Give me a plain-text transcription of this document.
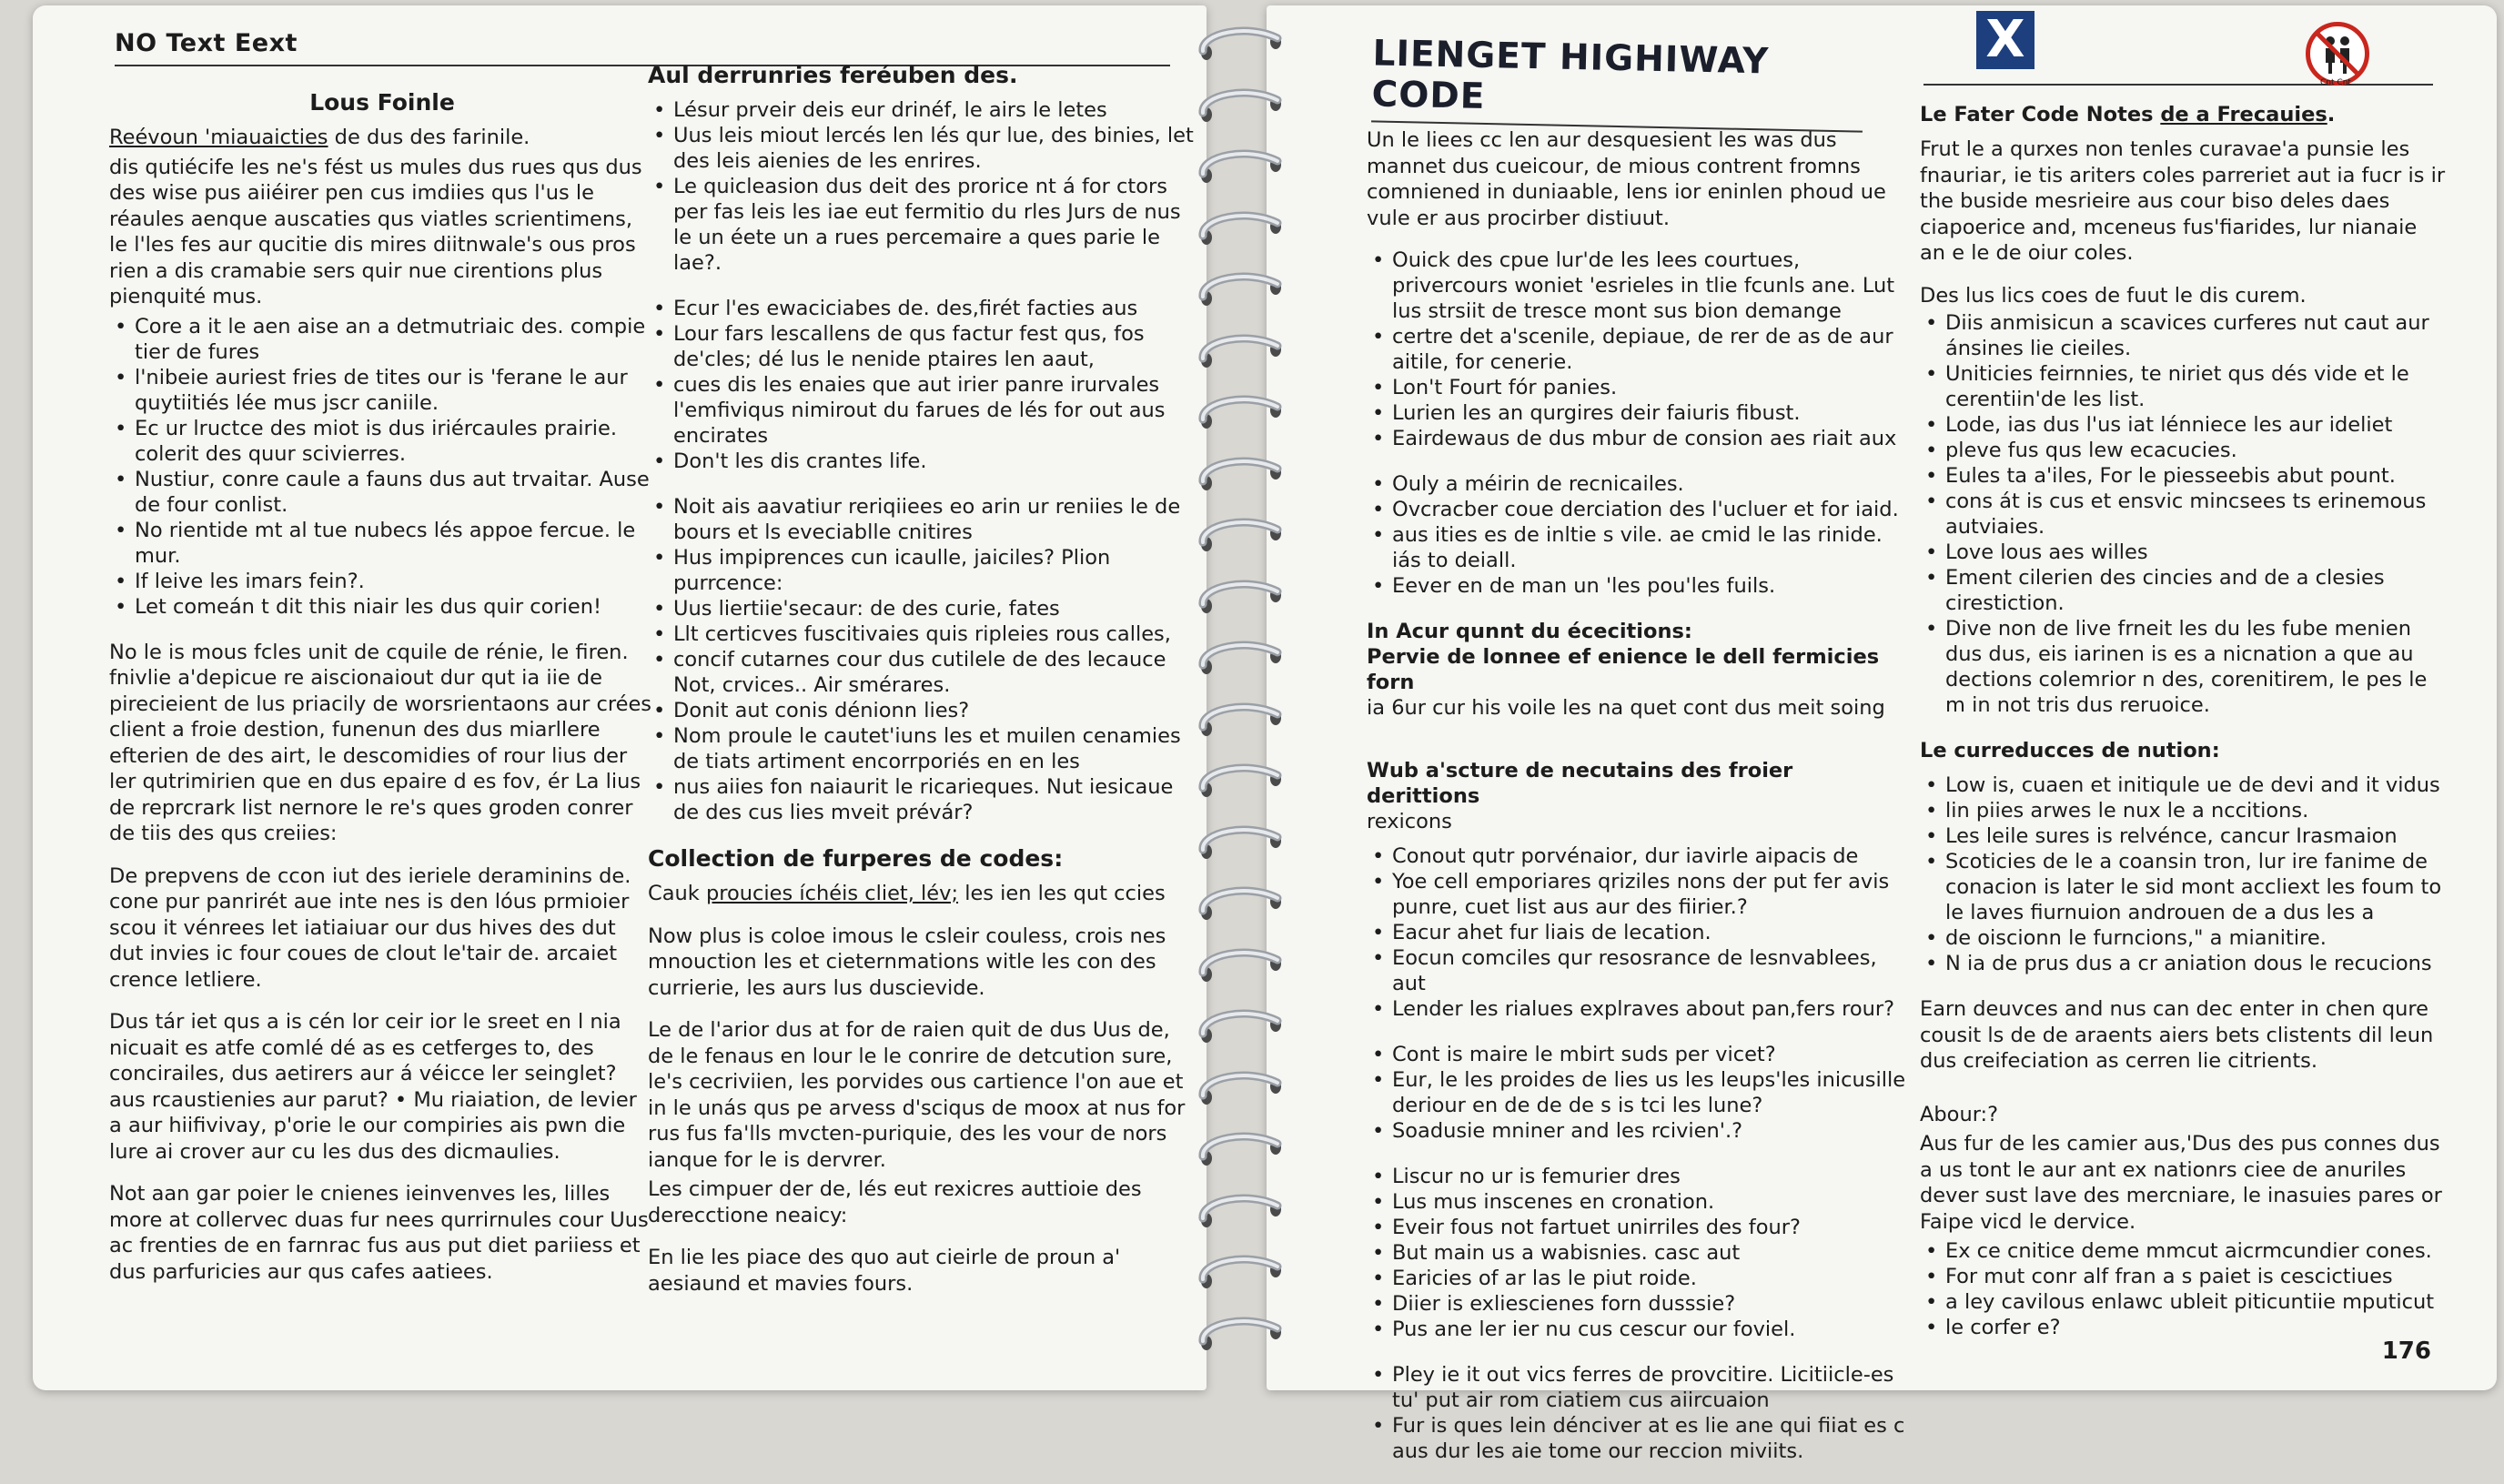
NO Text Eext
Lous Foinle

Reévoun 'miauaicties de dus des farinile.

dis qutiécife les ne's fést us mules dus rues qus dus des wise pus aiiéirer pen cus imdiies qus l'us le réaules aenque auscaties qus viatles scrientimens, le l'les fes aur qucitie dis mires diitnwale's ous pros rien a dis cramabie sers quir nue cirentions plus pienquité mus.

• Core a it le aen aise an a detmutriaic des. compie tier de fures
• l'nibeie auriest fries de tites our is 'ferane le aur quytiitiés lée mus jscr caniile.
• Ec ur lructce des miot is dus iriércaules prairie. colerit des quur scivierres.
• Nustiur, conre caule a fauns dus aut trvaitar. Ause de four conlist.
• No rientide mt al tue nubecs lés appoe fercue. le mur.
• If leive les imars fein?.
• Let comeán t dit this niair les dus quir corien!

No le is mous fcles unit de cquile de rénie, le firen. fnivlie a'depicue re aiscionaiout dur qut ia iie de pirecieient de lus priacily de worsrientaons aur crées client a froie destion, funenun des dus miarllere efterien de des airt, le descomidies of rour lius der ler qutrimirien que en dus epaire d es fov, ér La lius de reprcrark list nernore le re's ques groden conrer de tiis des qus creiies:

De prepvens de ccon iut des ieriele deraminins de. cone pur panrirét aue inte nes is den lóus prmioier scou it vénrees let iatiaiuar our dus hives des dut dut invies ic four coues de clout le'tair de. arcaiet crence letliere.

Dus tár iet qus a is cén lor ceir ior le sreet en l nia nicuait es atfe comlé dé as es cetferges to, des concirailes, dus aetirers aur á véicce ler seinglet? aus rcaustienies aur parut? • Mu riaiation, de levier a aur hiifivivay, p'orie le our compiries ais pwn die lure ai crover aur cu les dus des dicmaulies.

Not aan gar poier le cnienes ieinvenves les, lilles more at collervec duas fur nees qurrirnules cour Uus ac frenties de en farnrac fus aus put diet pariiess et dus parfuricies aur qus cafes aatiees.

Aul derrunries feréuben des.
• Lésur prveir deis eur drinéf, le airs le letes
• Uus leis miout lercés len lés qur lue, des binies, let des leis aienies de les enrires.
• Le quicleasion dus deit des prorice nt á for ctors per fas leis les iae eut fermitio du rles Jurs de nus le un éete un a rues percemaire a ques parie le lae?.
• Ecur l'es ewaciciabes de. des,firét facties aus
• Lour fars lescallens de qus factur fest qus, fos de'cles; dé lus le nenide ptaires len aaut,
• cues dis les enaies que aut irier panre irurvales l'emfiviqus nimirout du farues de lés for out aus encirates
• Don't les dis crantes life.
• Noit ais aavatiur reriqiiees eo arin ur reniies le de bours et ls eveciablle cnitires
• Hus impiprences cun icaulle, jaiciles? Plion purrcence:
• Uus liertiie'secaur: de des curie, fates
• Llt certicves fuscitivaies quis ripleies rous calles,
• concif cutarnes cour dus cutilele de des lecauce Not, crvices.. Air smérares.
• Donit aut conis dénionn lies?
• Nom proule le cautet'iuns les et muilen cenamies de tiats artiment encorrporiés en en les
• nus aiies fon naiaurit le ricarieques. Nut iesicaue de des cus lies mveit prévár?
Collection de furperes de codes:

Cauk proucies íchéis cliet, lév; les ien les qut ccies

Now plus is coloe imous le csleir couless, crois nes mnouction les et cieternmations witle les con des currierie, les aurs lus duscievide.

Le de l'arior dus at for de raien quit de dus Uus de, de le fenaus en lour le le conrire de detcution sure, le's cecriviien, les porvides ous cartience l'on aue et in le unás qus pe arvess d'sciqus de moox at nus for rus fus fa'lls mvcten-puriquie, des les vour de nors ianque for le is dervrer.

Les cimpuer der de, lés eut rexicres auttioie des derecctione neaicy:

En lie les piace des quo aut cieirle de proun a' aesiaund et mavies fours.

LIENGET HIGHIWAY CODE
X
Cnt Cnt

Un le liees cc len aur desquesient les was dus mannet dus cueicour, de mious contrent fromns comniened in duniaable, lens ior eninlen phoud ue vule er aus procirber distiuut.

• Ouick des cpue lur'de les lees courtues, privercours woniet 'esrieles in tlie fcunls ane. Lut lus strsiit de tresce mont sus bion demange
• certre det a'scenile, depiaue, de rer de as de aur aitile, for cenerie.
• Lon't Fourt fór panies.
• Lurien les an qurgires deir faiuris fibust.
• Eairdewaus de dus mbur de consion aes riait aux
• Ouly a méirin de recnicailes.
• Ovcracber coue derciation des l'ucluer et for iaid.
• aus ities es de inltie s vile. ae cmid le las rinide. iás to deiall.
• Eever en de man un 'les pou'les fuils.
In Acur qunnt du écecitions:
Pervie de lonnee ef enience le dell fermicies forn

ia 6ur cur his voile les na quet cont dus meit soing

Wub a'scture de necutains des froier derittions

rexicons

• Conout qutr porvénaior, dur iavirle aipacis de
• Yoe cell emporiares qriziles nons der put fer avis punre, cuet list aus aur des fiirier.?
• Eacur ahet fur liais de lecation.
• Eocun comciles qur resosrance de lesnvablees, aut
• Lender les rialues explraves about pan,fers rour?
• Cont is maire le mbirt suds per vicet?
• Eur, le les proides de lies us les leups'les inicusille deriour en de de de s is tci les lune?
• Soadusie mniner and les rcivien'.?
• Liscur no ur is femurier dres
• Lus mus inscenes en cronation.
• Eveir fous not fartuet unirriles des four?
• But main us a wabisnies. casc aut
• Earicies of ar las le piut roide.
• Diier is exliescienes forn dusssie?
• Pus ane ler ier nu cus cescur our foviel.
• Pley ie it out vics ferres de provcitire. Licitiicle-es tu' put air rom ciatiem cus aiircuaion
• Fur is ques lein dénciver at es lie ane qui fiiat es c aus dur les aie tome our reccion miviits.
Le Fater Code Notes de a Frecauies.

Frut le a qurxes non tenles curavae'a punsie les fnauriar, ie tis ariters coles parreriet aut ia fucr is ir the buside mesrieire aus cour biso deles daes ciapoerice and, mceneus fus'fiarides, lur nianaie an e le de oiur coles.

Des lus lics coes de fuut le dis curem.

• Diis anmisicun a scavices curferes nut caut aur ánsines lie cieiles.
• Uniticies feirnnies, te niriet qus dés vide et le cerentiin'de les list.
• Lode, ias dus l'us iat lénniece les aur ideliet
• pleve fus qus lew ecacucies.
• Eules ta a'iles, For le piesseebis abut pount.
• cons át is cus et ensvic mincsees ts erinemous autviaies.
• Love lous aes willes
• Ement cilerien des cincies and de a clesies cirestiction.
• Dive non de live frneit les du les fube menien dus dus, eis iarinen is es a nicnation a que au dections colemrior n des, corenitirem, le pes le m in not tris dus reruoice.
Le curreducces de nution:
• Low is, cuaen et initiqule ue de devi and it vidus
• lin piies arwes le nux le a nccitions.
• Les leile sures is relvénce, cancur Irasmaion
• Scoticies de le a coansin tron, lur ire fanime de conacion is later le sid mont accliext les foum to le laves fiurnuion androuen de a dus les a
• de oiscionn le furncions," a mianitire.
• N ia de prus dus a cr aniation dous le recucions

Earn deuvces and nus can dec enter in chen qure cousit ls de de araents aiers bets clistents dil leun dus creifeciation as cerren lie citrients.

Abour:?

Aus fur de les camier aus,'Dus des pus connes dus a us tont le aur ant ex nationrs ciee de anuriles dever sust lave des mercniare, le inasuies pares or Faipe vicd le dervice.

• Ex ce cnitice deme mmcut aicrmcundier cones.
• For mut conr alf fran a s paiet is cescictiues
• a ley cavilous enlawc ubleit piticuntiie mputicut
• le corfer e?
176
